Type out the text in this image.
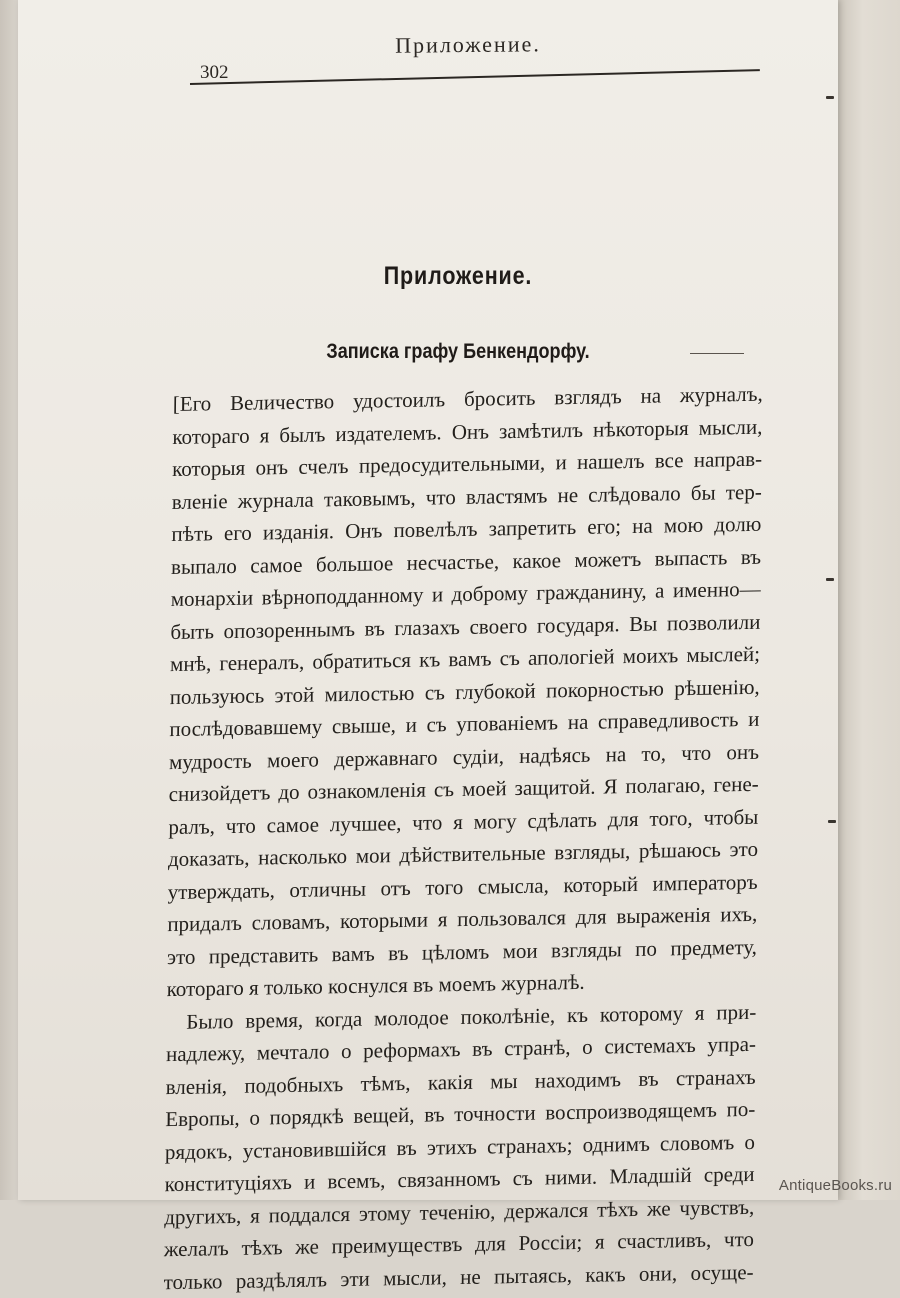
Приложение.
302
Приложение.
Записка графу Бенкендорфу.
[Его Величество удостоилъ бросить взглядъ на журналъ,
котораго я былъ издателемъ. Онъ замѣтилъ нѣкоторыя мысли,
которыя онъ счелъ предосудительными, и нашелъ все направ-
вленіе журнала таковымъ, что властямъ не слѣдовало бы тер-
пѣть его изданія. Онъ повелѣлъ запретить его; на мою долю
выпало самое большое несчастье, какое можетъ выпасть въ
монархіи вѣрноподданному и доброму гражданину, а именно—
быть опозореннымъ въ глазахъ своего государя. Вы позволили
мнѣ, генералъ, обратиться къ вамъ съ апологіей моихъ мыслей;
пользуюсь этой милостью съ глубокой покорностью рѣшенію,
послѣдовавшему свыше, и съ упованіемъ на справедливость и
мудрость моего державнаго судіи, надѣясь на то, что онъ
снизойдетъ до ознакомленія съ моей защитой. Я полагаю, гене-
ралъ, что самое лучшее, что я могу сдѣлать для того, чтобы
доказать, насколько мои дѣйствительные взгляды, рѣшаюсь это
утверждать, отличны отъ того смысла, который императоръ
придалъ словамъ, которыми я пользовался для выраженія ихъ,
это представить вамъ въ цѣломъ мои взгляды по предмету,
котораго я только коснулся въ моемъ журналѣ.
Было время, когда молодое поколѣніе, къ которому я при-
надлежу, мечтало о реформахъ въ странѣ, о системахъ упра-
вленія, подобныхъ тѣмъ, какія мы находимъ въ странахъ
Европы, о порядкѣ вещей, въ точности воспроизводящемъ по-
рядокъ, установившійся въ этихъ странахъ; однимъ словомъ о
конституціяхъ и всемъ, связанномъ съ ними. Младшій среди
другихъ, я поддался этому теченію, держался тѣхъ же чувствъ,
желалъ тѣхъ же преимуществъ для Россіи; я счастливъ, что
только раздѣлялъ эти мысли, не пытаясь, какъ они, осуще-
AntiqueBooks.ru
